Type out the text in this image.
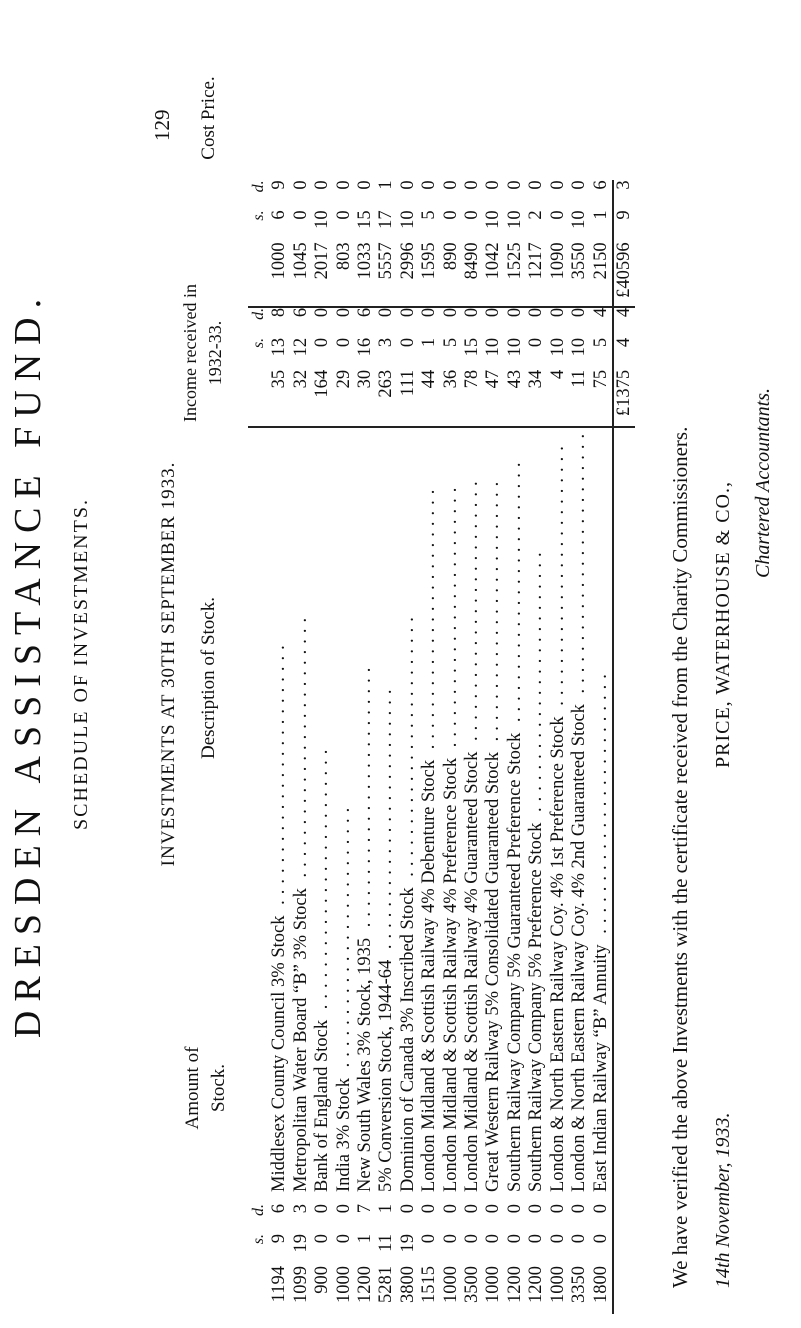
129
DRESDEN ASSISTANCE FUND. SCHEDULE OF INVESTMENTS.	INVESTMENTS AT 30TH SEPTEMBER 1933.
Amount of Stock.
Description of Stock.
Income received in 1932-33.
Cost Price.
	s.	d.					s.	d.			s.	d.
1194	9	6		Middlesex County Council 3% Stock .........................		35	13	8		1000	6	9
1099	19	3		Metropolitan Water Board “B” 3% Stock .........................		32	12	6		1045	0	0
900	0	0		Bank of England Stock .........................		164	0	0		2017	10	0
1000	0	0		India 3% Stock .........................		29	0	0		803	0	0
1200	1	7		New South Wales 3% Stock, 1935 .........................		30	16	6		1033	15	0
5281	11	1		5% Conversion Stock, 1944-64 .........................		263	3	0		5557	17	1
3800	19	0		Dominion of Canada 3% Inscribed Stock .........................		111	0	0		2996	10	0
1515	0	0		London Midland & Scottish Railway 4% Debenture Stock .........................		44	1	0		1595	5	0
1000	0	0		London Midland & Scottish Railway 4% Preference Stock .........................		36	5	0		890	0	0
3500	0	0		London Midland & Scottish Railway 4% Guaranteed Stock .........................		78	15	0		8490	0	0
1000	0	0		Great Western Railway 5% Consolidated Guaranteed Stock .........................		47	10	0		1042	10	0
1200	0	0		Southern Railway Company 5% Guaranteed Preference Stock .........................		43	10	0		1525	10	0
1200	0	0		Southern Railway Company 5% Preference Stock .........................		34	0	0		1217	2	0
1000	0	0		London & North Eastern Railway Coy. 4% 1st Preference Stock .........................		4	10	0		1090	0	0
3350	0	0		London & North Eastern Railway Coy. 4% 2nd Guaranteed Stock .........................		11	10	0		3550	10	0
1800	0	0		East Indian Railway “B” Annuity .........................		75	5	4		2150	1	6
						£1375	4	4		£40596	9	3
We have verified the above Investments with the certificate received from the Charity Commissioners. 14th November, 1933.
PRICE, WATERHOUSE & CO., Chartered Accountants.
